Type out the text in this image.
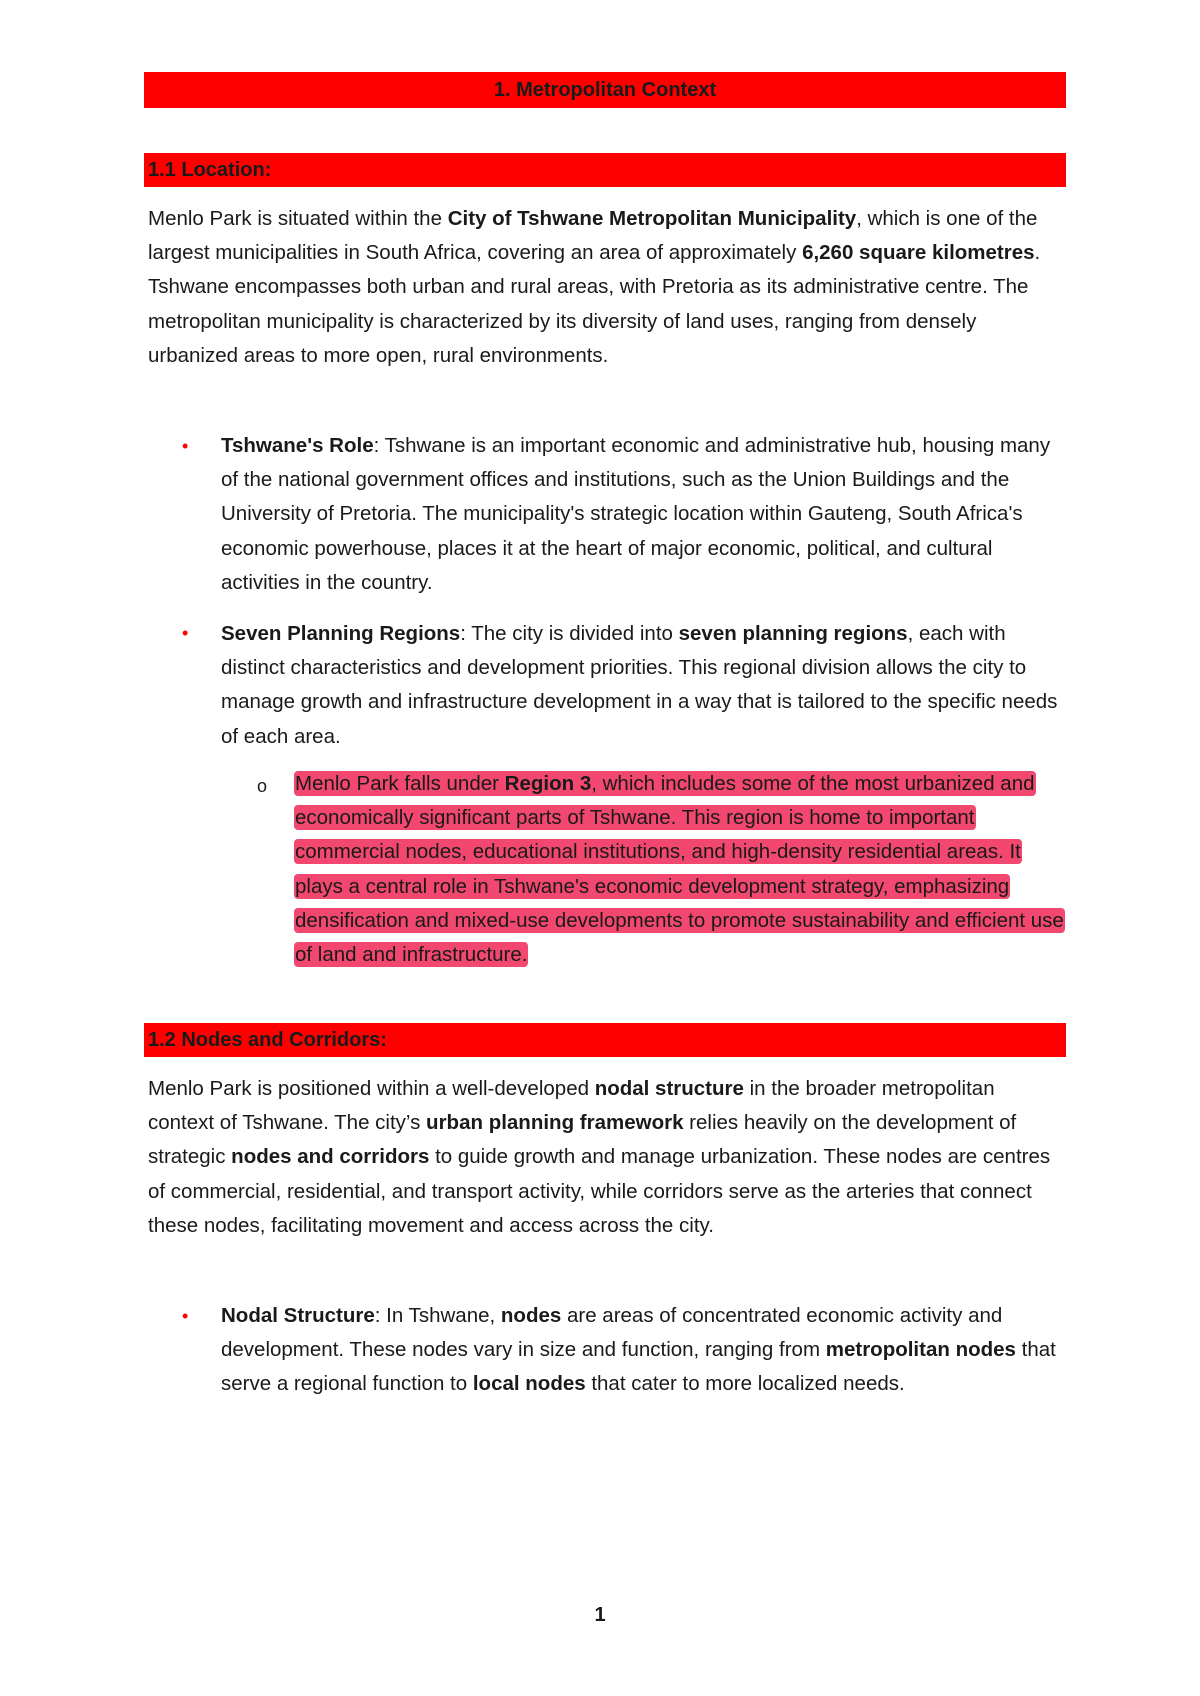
1. Metropolitan Context
1.1 Location:

Menlo Park is situated within the City of Tshwane Metropolitan Municipality, which is one of the largest municipalities in South Africa, covering an area of approximately 6,260 square kilometres. Tshwane encompasses both urban and rural areas, with Pretoria as its administrative centre. The metropolitan municipality is characterized by its diversity of land uses, ranging from densely urbanized areas to more open, rural environments.

•	Tshwane's Role: Tshwane is an important economic and administrative hub, housing many of the national government offices and institutions, such as the Union Buildings and the University of Pretoria. The municipality's strategic location within Gauteng, South Africa's economic powerhouse, places it at the heart of major economic, political, and cultural activities in the country.

•	Seven Planning Regions: The city is divided into seven planning regions, each with distinct characteristics and development priorities. This regional division allows the city to manage growth and infrastructure development in a way that is tailored to the specific needs of each area.

o Menlo Park falls under Region 3, which includes some of the most urbanized and economically significant parts of Tshwane. This region is home to important commercial nodes, educational institutions, and high-density residential areas. It plays a central role in Tshwane's economic development strategy, emphasizing densification and mixed-use developments to promote sustainability and efficient use of land and infrastructure.

1.2 Nodes and Corridors:

Menlo Park is positioned within a well-developed nodal structure in the broader metropolitan context of Tshwane. The city’s urban planning framework relies heavily on the development of strategic nodes and corridors to guide growth and manage urbanization. These nodes are centres of commercial, residential, and transport activity, while corridors serve as the arteries that connect these nodes, facilitating movement and access across the city.

•	Nodal Structure: In Tshwane, nodes are areas of concentrated economic activity and development. These nodes vary in size and function, ranging from metropolitan nodes that serve a regional function to local nodes that cater to more localized needs.

1
